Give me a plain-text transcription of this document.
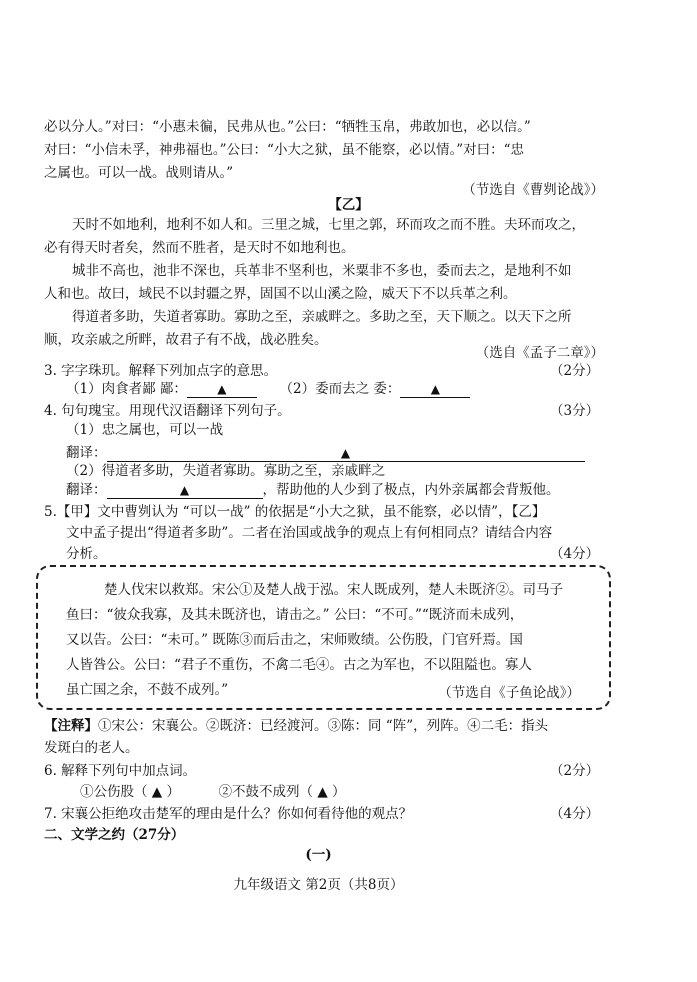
必以分人。”对曰：“小惠未徧，民弗从也。”公曰：“牺牲玉帛，弗敢加也，必以信。”
对曰：“小信未孚，神弗福也。”公曰：“小大之狱，虽不能察，必以情。”对曰：“忠
之属也。可以一战。战则请从。”
（节选自《曹刿论战》）
【乙】
天时不如地利，地利不如人和。三里之城，七里之郭，环而攻之而不胜。夫环而攻之，
必有得天时者矣，然而不胜者，是天时不如地利也。
城非不高也，池非不深也，兵革非不坚利也，米粟非不多也，委而去之，是地利不如
人和也。故曰，域民不以封疆之界，固国不以山溪之险，威天下不以兵革之利。
得道者多助，失道者寡助。寡助之至，亲戚畔之。多助之至，天下顺之。以天下之所
顺，攻亲戚之所畔，故君子有不战，战必胜矣。
（选自《孟子二章》）
3. 字字珠玑。解释下列加点字的意思。	（2分）
（1）肉食者鄙 鄙：	▲	（2）委而去之 委：	▲
4. 句句瑰宝。用现代汉语翻译下列句子。	（3分）
（1）忠之属也，可以一战
翻译：	▲
（2）得道者多助，失道者寡助。寡助之至，亲戚畔之
翻译：	▲	，帮助他的人少到了极点，内外亲属都会背叛他。
5.【甲】文中曹刿认为 “可以一战” 的依据是“小大之狱，虽不能察，必以情”，【乙】
文中孟子提出“得道者多助”。二者在治国或战争的观点上有何相同点？请结合内容
分析。	（4分）
楚人伐宋以救郑。宋公①及楚人战于泓。宋人既成列，楚人未既济②。司马子
鱼曰：“彼众我寡，及其未既济也，请击之。” 公曰：“不可。”“既济而未成列，
又以告。公曰：“未可。” 既陈③而后击之，宋师败绩。公伤股，门官歼焉。国
人皆咎公。公曰：“君子不重伤，不禽二毛④。古之为军也，不以阻隘也。寡人
虽亡国之余，不鼓不成列。”	（节选自《子鱼论战》）
【注释】①宋公：宋襄公。②既济：已经渡河。③陈：同 “阵”，列阵。④二毛：指头
发斑白的老人。
6. 解释下列句中加点词。	（2分）
①公伤股（ ▲ ）	②不鼓不成列（ ▲ ）
7. 宋襄公拒绝攻击楚军的理由是什么？你如何看待他的观点？	（4分）
二、文学之约（27分）
(一)
九年级语文 第2页（共8页）
